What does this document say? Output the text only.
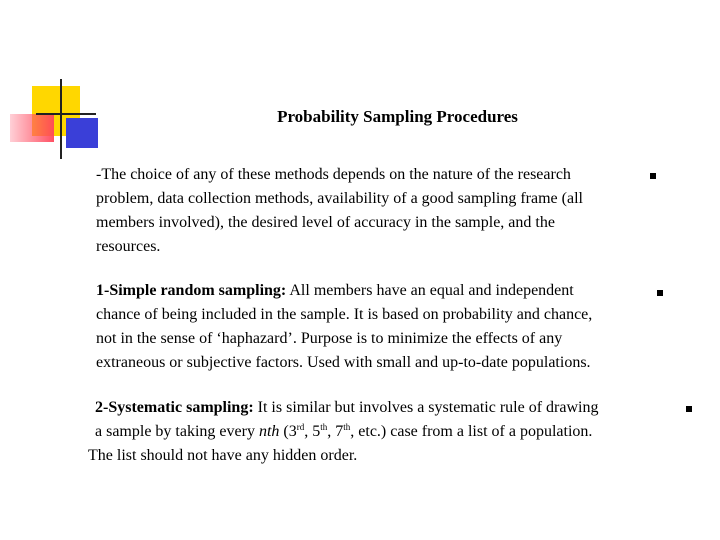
Probability Sampling Procedures
-The choice of any of these methods depends on the nature of the research
problem, data collection methods, availability of a good sampling frame (all
members involved), the desired level of accuracy in the sample, and the
resources.
1-Simple random sampling: All members have an equal and independent
chance of being included in the sample. It is based on probability and chance,
not in the sense of ‘haphazard’. Purpose is to minimize the effects of any
extraneous or subjective factors. Used with small and up-to-date populations.
2-Systematic sampling: It is similar but involves a systematic rule of drawing
a sample by taking every nth (3rd, 5th, 7th, etc.) case from a list of a population.
The list should not have any hidden order.
